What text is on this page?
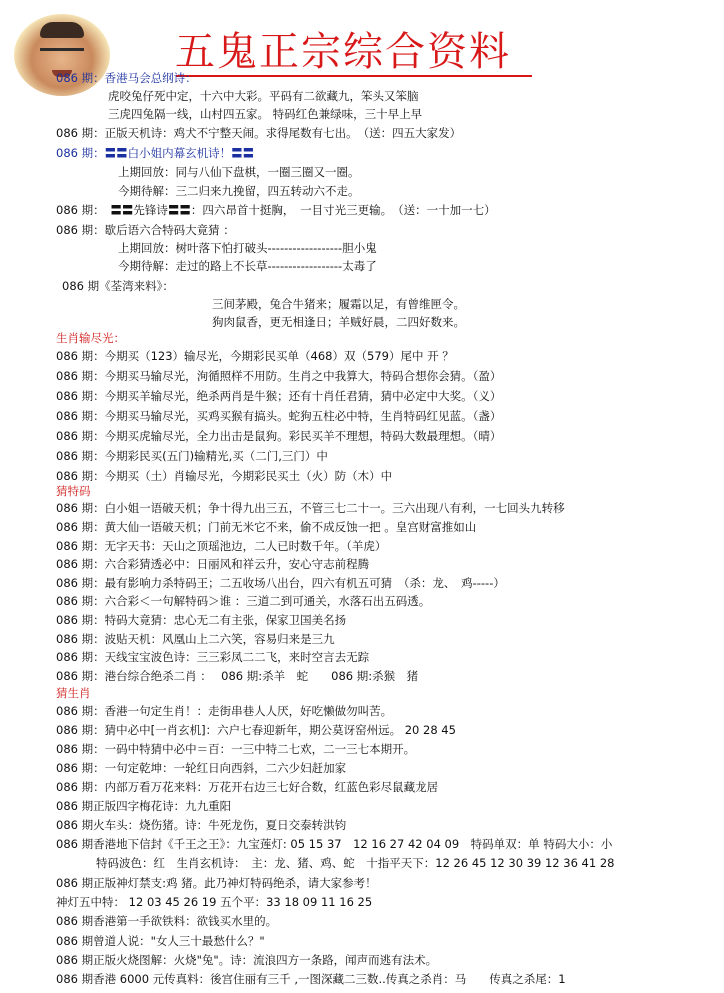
五鬼正宗综合资料
086 期：香港马会总纲诗：
虎咬兔仔死中定，十六中大彩。平码有二欲藏九，笨头又笨脑
三虎四兔隔一线，山村四五家。 特码红色兼绿味，三十早上早
086 期：正版天机诗：鸡犬不宁整天闹。求得尾数有七出。　（送：四五大家发）
086 期：〓〓白小姐内幕玄机诗！〓〓
上期回放：同与八仙下盘棋，一圈三圈又一圈。
今期待解：三二归来九挽留，四五转动六不走。
086 期：　〓〓先锋诗〓〓：四六昂首十挺胸，　一目寸光三更输。　（送：一十加一七）
086 期：歇后语六合特码大竟猜 ：
上期回放：树叶落下怕打破头------------------胆小鬼
今期待解：走过的路上不长草------------------太毒了
086 期《荃湾来料》：
三间茅殿，兔合牛猪来；履霜以足，有曾维匣令。
狗肉鼠香，更无相逢日；羊贼好晨，二四好数来。
生肖输尽光：
086 期：今期买（123）输尽光，今期彩民买单（468）双（579）尾中 开 ？
086 期：今期买马输尽光，洵循照样不用防。生肖之中我算大，特码合想你会猜。（盈）
086 期：今期买羊输尽光，绝杀两肖是牛猴；还有十肖任君猜，猜中必定中大奖。（义）
086 期：今期买马输尽光，买鸡买猴有搞头。蛇狗五柱必中特，生肖特码红见蓝。（盏）
086 期：今期买虎输尽光，全力出击是鼠狗。彩民买羊不理想，特码大数最理想。（晴）
086 期：今期彩民买(五门)输精光,买（二门,三门）中
086 期：今期买（土）肖输尽光，今期彩民买土（火）防（木）中
猜特码
086 期：白小姐一语破天机；争十得九出三五，不管三七二十一。三六出现八有利，一七回头九转移
086 期：黄大仙一语破天机；门前无米它不来，偷不成反蚀一把 。皇宫财富推如山
086 期：无字天书：天山之顶瑶池边，二人已时数千年。（羊虎）
086 期：六合彩猜透必中：日丽风和祥云升，安心守志前程腾
086 期：最有影响力杀特码王；二五收场八出台，四六有机五可猜　（杀：龙、　鸡-----）
086 期：六合彩＜一句解特码＞谁 ：三道二到可通关，水落石出五码透。
086 期：特码大竟猜：忠心无二有主张，保家卫国美名扬
086 期：波贴天机：风凰山上二六笑，容易归来是三九
086 期：天线宝宝波色诗：三三彩凤二二飞，来时空言去无踪
086 期：港台综合绝杀二肖 ：　 086 期:杀羊　蛇　　086 期:杀猴　猪
猜生肖
086 期：香港一句定生肖！：走街串巷人人厌，好吃懒做勿叫苦。
086 期：猜中必中[一肖玄机]：六户七春迎新年，期公莫讶窑州远。 20 28 45
086 期：一码中特猜中必中＝百：一三中特二七欢，二一三七本期开。
086 期：一句定乾坤：一轮红日向西斜，二六少妇赶加家
086 期：内部万看万花来料：万花开右边三七好合数，红蓝色彩尽鼠藏龙居
086 期正版四字梅花诗：九九重阳
086 期火车头：烧伤猪。诗：牛死龙伤，夏日交泰转洪钧
086 期香港地下信封《千王之王》：九宝莲灯: 05 15 37　12 16 27 42 04 09　特码单双：单 特码大小：小
特码波色：红　生肖玄机诗：　主：龙、猪、鸡、蛇　十指平天下：12 26 45 12 30 39 12 36 41 28
086 期正版神灯禁支:鸡 猪。此乃神灯特码绝杀，请大家参考！
神灯五中特： 12 03 45 26 19 五个平：33 18 09 11 16 25
086 期香港第一手欲铁料：欲钱买水里的。
086 期曾道人说："女人三十最愁什么？"
086 期正版火烧图解：火烧"兔"。诗：流浪四方一条路，闻声而逃有法术。
086 期香港 6000 元传真料：後宫住丽有三千 ,一图深藏二三数..传真之杀肖：马　　传真之杀尾：1
